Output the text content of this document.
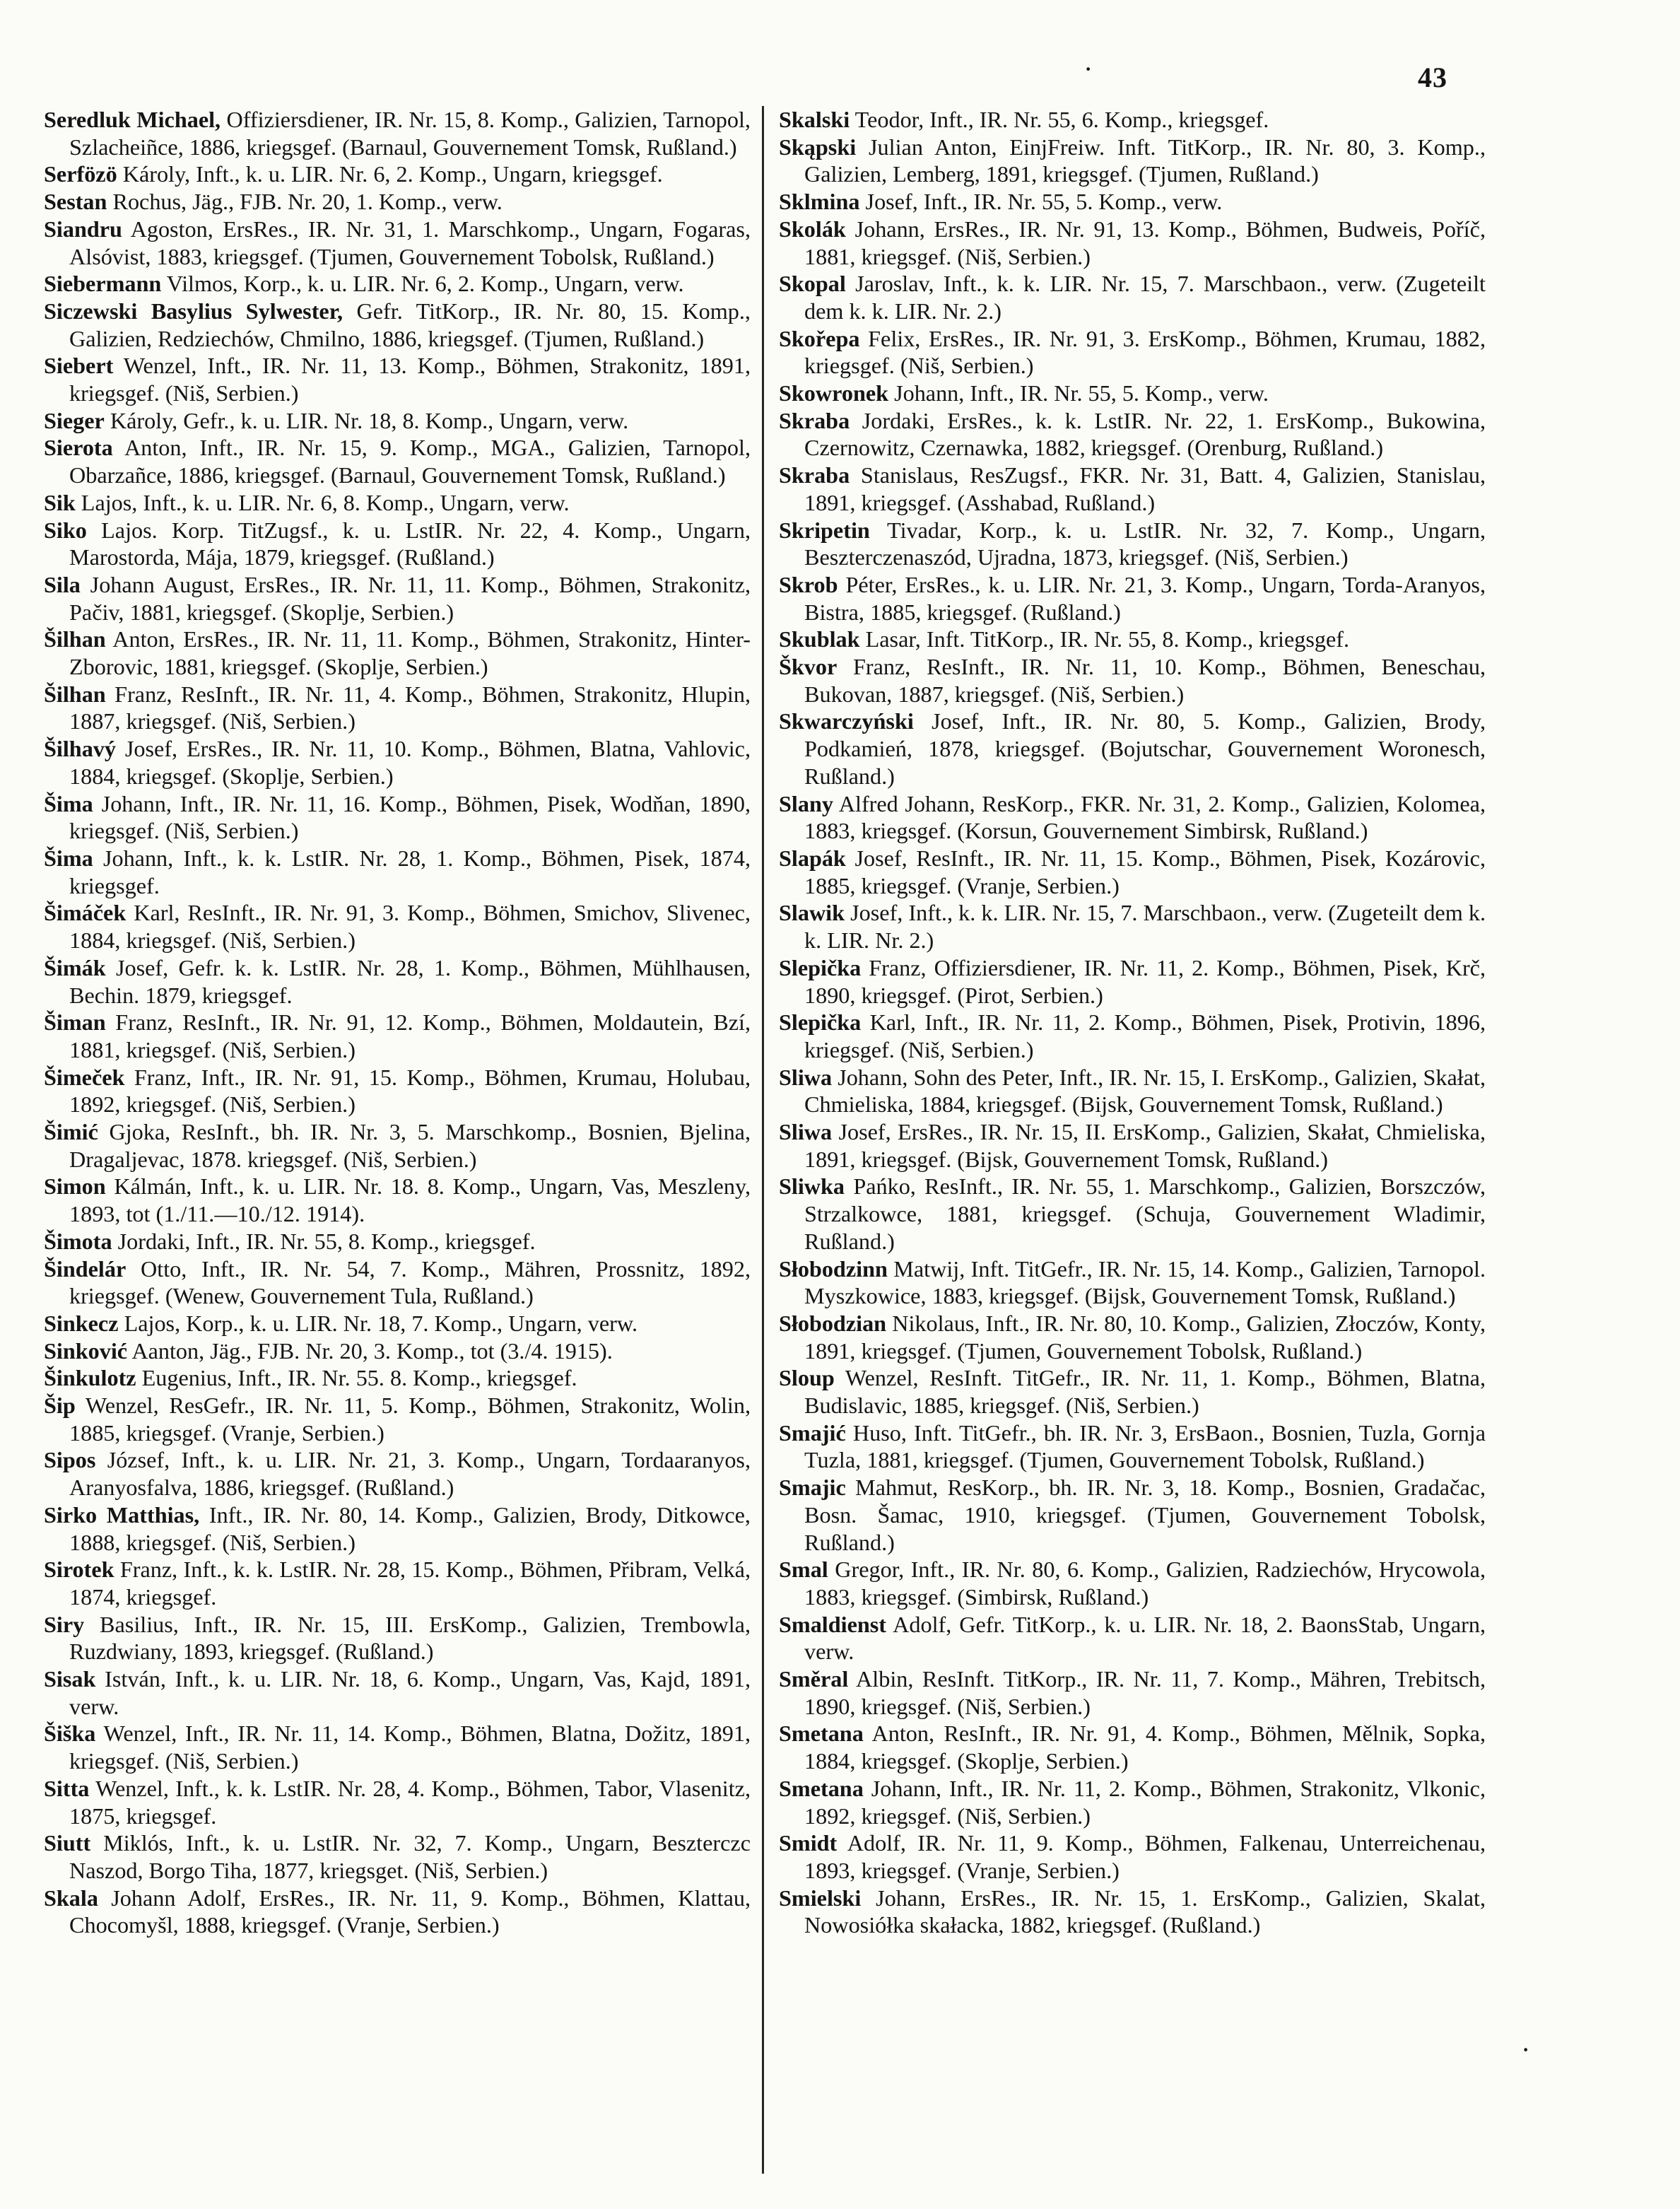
43
·
·

Seredluk Michael, Offiziersdiener, IR. Nr. 15, 8. Komp., Galizien, Tarnopol, Szlacheiñce, 1886, kriegsgef. (Barnaul, Gouvernement Tomsk, Rußland.)

Serfözö Károly, Inft., k. u. LIR. Nr. 6, 2. Komp., Ungarn, kriegsgef.

Sestan Rochus, Jäg., FJB. Nr. 20, 1. Komp., verw.

Siandru Agoston, ErsRes., IR. Nr. 31, 1. Marschkomp., Ungarn, Fogaras, Alsóvist, 1883, kriegsgef. (Tjumen, Gouvernement Tobolsk, Rußland.)

Siebermann Vilmos, Korp., k. u. LIR. Nr. 6, 2. Komp., Ungarn, verw.

Siczewski Basylius Sylwester, Gefr. TitKorp., IR. Nr. 80, 15. Komp., Galizien, Redziechów, Chmilno, 1886, kriegsgef. (Tjumen, Rußland.)

Siebert Wenzel, Inft., IR. Nr. 11, 13. Komp., Böhmen, Strakonitz, 1891, kriegsgef. (Niš, Serbien.)

Sieger Károly, Gefr., k. u. LIR. Nr. 18, 8. Komp., Ungarn, verw.

Sierota Anton, Inft., IR. Nr. 15, 9. Komp., MGA., Galizien, Tarnopol, Obarzañce, 1886, kriegsgef. (Barnaul, Gouvernement Tomsk, Rußland.)

Sik Lajos, Inft., k. u. LIR. Nr. 6, 8. Komp., Ungarn, verw.

Siko Lajos. Korp. TitZugsf., k. u. LstIR. Nr. 22, 4. Komp., Ungarn, Marostorda, Mája, 1879, kriegsgef. (Rußland.)

Sila Johann August, ErsRes., IR. Nr. 11, 11. Komp., Böhmen, Strakonitz, Pačiv, 1881, kriegsgef. (Skoplje, Serbien.)

Šilhan Anton, ErsRes., IR. Nr. 11, 11. Komp., Böhmen, Strakonitz, Hinter-Zborovic, 1881, kriegsgef. (Skoplje, Serbien.)

Šilhan Franz, ResInft., IR. Nr. 11, 4. Komp., Böhmen, Strakonitz, Hlupin, 1887, kriegsgef. (Niš, Serbien.)

Šilhavý Josef, ErsRes., IR. Nr. 11, 10. Komp., Böhmen, Blatna, Vahlovic, 1884, kriegsgef. (Skoplje, Serbien.)

Šima Johann, Inft., IR. Nr. 11, 16. Komp., Böhmen, Pisek, Wodňan, 1890, kriegsgef. (Niš, Serbien.)

Šima Johann, Inft., k. k. LstIR. Nr. 28, 1. Komp., Böhmen, Pisek, 1874, kriegsgef.

Šimáček Karl, ResInft., IR. Nr. 91, 3. Komp., Böhmen, Smichov, Slivenec, 1884, kriegsgef. (Niš, Serbien.)

Šimák Josef, Gefr. k. k. LstIR. Nr. 28, 1. Komp., Böhmen, Mühlhausen, Bechin. 1879, kriegsgef.

Šiman Franz, ResInft., IR. Nr. 91, 12. Komp., Böhmen, Moldautein, Bzí, 1881, kriegsgef. (Niš, Serbien.)

Šimeček Franz, Inft., IR. Nr. 91, 15. Komp., Böhmen, Krumau, Holubau, 1892, kriegsgef. (Niš, Serbien.)

Šimić Gjoka, ResInft., bh. IR. Nr. 3, 5. Marschkomp., Bosnien, Bjelina, Dragaljevac, 1878. kriegsgef. (Niš, Serbien.)

Simon Kálmán, Inft., k. u. LIR. Nr. 18. 8. Komp., Ungarn, Vas, Meszleny, 1893, tot (1./11.—10./12. 1914).

Šimota Jordaki, Inft., IR. Nr. 55, 8. Komp., kriegsgef.

Šindelár Otto, Inft., IR. Nr. 54, 7. Komp., Mähren, Prossnitz, 1892, kriegsgef. (Wenew, Gouvernement Tula, Rußland.)

Sinkecz Lajos, Korp., k. u. LIR. Nr. 18, 7. Komp., Ungarn, verw.

Sinković Aanton, Jäg., FJB. Nr. 20, 3. Komp., tot (3./4. 1915).

Šinkulotz Eugenius, Inft., IR. Nr. 55. 8. Komp., kriegsgef.

Šip Wenzel, ResGefr., IR. Nr. 11, 5. Komp., Böhmen, Strakonitz, Wolin, 1885, kriegsgef. (Vranje, Serbien.)

Sipos József, Inft., k. u. LIR. Nr. 21, 3. Komp., Ungarn, Tordaaranyos, Aranyosfalva, 1886, kriegsgef. (Rußland.)

Sirko Matthias, Inft., IR. Nr. 80, 14. Komp., Galizien, Brody, Ditkowce, 1888, kriegsgef. (Niš, Serbien.)

Sirotek Franz, Inft., k. k. LstIR. Nr. 28, 15. Komp., Böhmen, Přibram, Velká, 1874, kriegsgef.

Siry Basilius, Inft., IR. Nr. 15, III. ErsKomp., Galizien, Trembowla, Ruzdwiany, 1893, kriegsgef. (Rußland.)

Sisak István, Inft., k. u. LIR. Nr. 18, 6. Komp., Ungarn, Vas, Kajd, 1891, verw.

Šiška Wenzel, Inft., IR. Nr. 11, 14. Komp., Böhmen, Blatna, Dožitz, 1891, kriegsgef. (Niš, Serbien.)

Sitta Wenzel, Inft., k. k. LstIR. Nr. 28, 4. Komp., Böhmen, Tabor, Vlasenitz, 1875, kriegsgef.

Siutt Miklós, Inft., k. u. LstIR. Nr. 32, 7. Komp., Ungarn, Beszterczc Naszod, Borgo Tiha, 1877, kriegsget. (Niš, Serbien.)

Skala Johann Adolf, ErsRes., IR. Nr. 11, 9. Komp., Böhmen, Klattau, Chocomyšl, 1888, kriegsgef. (Vranje, Serbien.)

Skalski Teodor, Inft., IR. Nr. 55, 6. Komp., kriegsgef.

Skąpski Julian Anton, EinjFreiw. Inft. TitKorp., IR. Nr. 80, 3. Komp., Galizien, Lemberg, 1891, kriegsgef. (Tjumen, Rußland.)

Sklmina Josef, Inft., IR. Nr. 55, 5. Komp., verw.

Skolák Johann, ErsRes., IR. Nr. 91, 13. Komp., Böhmen, Budweis, Poříč, 1881, kriegsgef. (Niš, Serbien.)

Skopal Jaroslav, Inft., k. k. LIR. Nr. 15, 7. Marschbaon., verw. (Zugeteilt dem k. k. LIR. Nr. 2.)

Skořepa Felix, ErsRes., IR. Nr. 91, 3. ErsKomp., Böhmen, Krumau, 1882, kriegsgef. (Niš, Serbien.)

Skowronek Johann, Inft., IR. Nr. 55, 5. Komp., verw.

Skraba Jordaki, ErsRes., k. k. LstIR. Nr. 22, 1. ErsKomp., Bukowina, Czernowitz, Czernawka, 1882, kriegsgef. (Orenburg, Rußland.)

Skraba Stanislaus, ResZugsf., FKR. Nr. 31, Batt. 4, Galizien, Stanislau, 1891, kriegsgef. (Asshabad, Rußland.)

Skripetin Tivadar, Korp., k. u. LstIR. Nr. 32, 7. Komp., Ungarn, Beszterczenaszód, Ujradna, 1873, kriegsgef. (Niš, Serbien.)

Skrob Péter, ErsRes., k. u. LIR. Nr. 21, 3. Komp., Ungarn, Torda-Aranyos, Bistra, 1885, kriegsgef. (Rußland.)

Skublak Lasar, Inft. TitKorp., IR. Nr. 55, 8. Komp., kriegsgef.

Škvor Franz, ResInft., IR. Nr. 11, 10. Komp., Böhmen, Beneschau, Bukovan, 1887, kriegsgef. (Niš, Serbien.)

Skwarczyński Josef, Inft., IR. Nr. 80, 5. Komp., Galizien, Brody, Podkamień, 1878, kriegsgef. (Bojutschar, Gouvernement Woronesch, Rußland.)

Slany Alfred Johann, ResKorp., FKR. Nr. 31, 2. Komp., Galizien, Kolomea, 1883, kriegsgef. (Korsun, Gouvernement Simbirsk, Rußland.)

Slapák Josef, ResInft., IR. Nr. 11, 15. Komp., Böhmen, Pisek, Kozárovic, 1885, kriegsgef. (Vranje, Serbien.)

Slawik Josef, Inft., k. k. LIR. Nr. 15, 7. Marschbaon., verw. (Zugeteilt dem k. k. LIR. Nr. 2.)

Slepička Franz, Offiziersdiener, IR. Nr. 11, 2. Komp., Böhmen, Pisek, Krč, 1890, kriegsgef. (Pirot, Serbien.)

Slepička Karl, Inft., IR. Nr. 11, 2. Komp., Böhmen, Pisek, Protivin, 1896, kriegsgef. (Niš, Serbien.)

Sliwa Johann, Sohn des Peter, Inft., IR. Nr. 15, I. ErsKomp., Galizien, Skałat, Chmieliska, 1884, kriegsgef. (Bijsk, Gouvernement Tomsk, Rußland.)

Sliwa Josef, ErsRes., IR. Nr. 15, II. ErsKomp., Galizien, Skałat, Chmieliska, 1891, kriegsgef. (Bijsk, Gouvernement Tomsk, Rußland.)

Sliwka Pańko, ResInft., IR. Nr. 55, 1. Marschkomp., Galizien, Borszczów, Strzalkowce, 1881, kriegsgef. (Schuja, Gouvernement Wladimir, Rußland.)

Słobodzinn Matwij, Inft. TitGefr., IR. Nr. 15, 14. Komp., Galizien, Tarnopol. Myszkowice, 1883, kriegsgef. (Bijsk, Gouvernement Tomsk, Rußland.)

Słobodzian Nikolaus, Inft., IR. Nr. 80, 10. Komp., Galizien, Złoczów, Konty, 1891, kriegsgef. (Tjumen, Gouvernement Tobolsk, Rußland.)

Sloup Wenzel, ResInft. TitGefr., IR. Nr. 11, 1. Komp., Böhmen, Blatna, Budislavic, 1885, kriegsgef. (Niš, Serbien.)

Smajić Huso, Inft. TitGefr., bh. IR. Nr. 3, ErsBaon., Bosnien, Tuzla, Gornja Tuzla, 1881, kriegsgef. (Tjumen, Gouvernement Tobolsk, Rußland.)

Smajic Mahmut, ResKorp., bh. IR. Nr. 3, 18. Komp., Bosnien, Gradačac, Bosn. Šamac, 1910, kriegsgef. (Tjumen, Gouvernement Tobolsk, Rußland.)

Smal Gregor, Inft., IR. Nr. 80, 6. Komp., Galizien, Radziechów, Hrycowola, 1883, kriegsgef. (Simbirsk, Rußland.)

Smaldienst Adolf, Gefr. TitKorp., k. u. LIR. Nr. 18, 2. BaonsStab, Ungarn, verw.

Směral Albin, ResInft. TitKorp., IR. Nr. 11, 7. Komp., Mähren, Trebitsch, 1890, kriegsgef. (Niš, Serbien.)

Smetana Anton, ResInft., IR. Nr. 91, 4. Komp., Böhmen, Mělnik, Sopka, 1884, kriegsgef. (Skoplje, Serbien.)

Smetana Johann, Inft., IR. Nr. 11, 2. Komp., Böhmen, Strakonitz, Vlkonic, 1892, kriegsgef. (Niš, Serbien.)

Smidt Adolf, IR. Nr. 11, 9. Komp., Böhmen, Falkenau, Unterreichenau, 1893, kriegsgef. (Vranje, Serbien.)

Smielski Johann, ErsRes., IR. Nr. 15, 1. ErsKomp., Galizien, Skalat, Nowosiółka skałacka, 1882, kriegsgef. (Rußland.)
